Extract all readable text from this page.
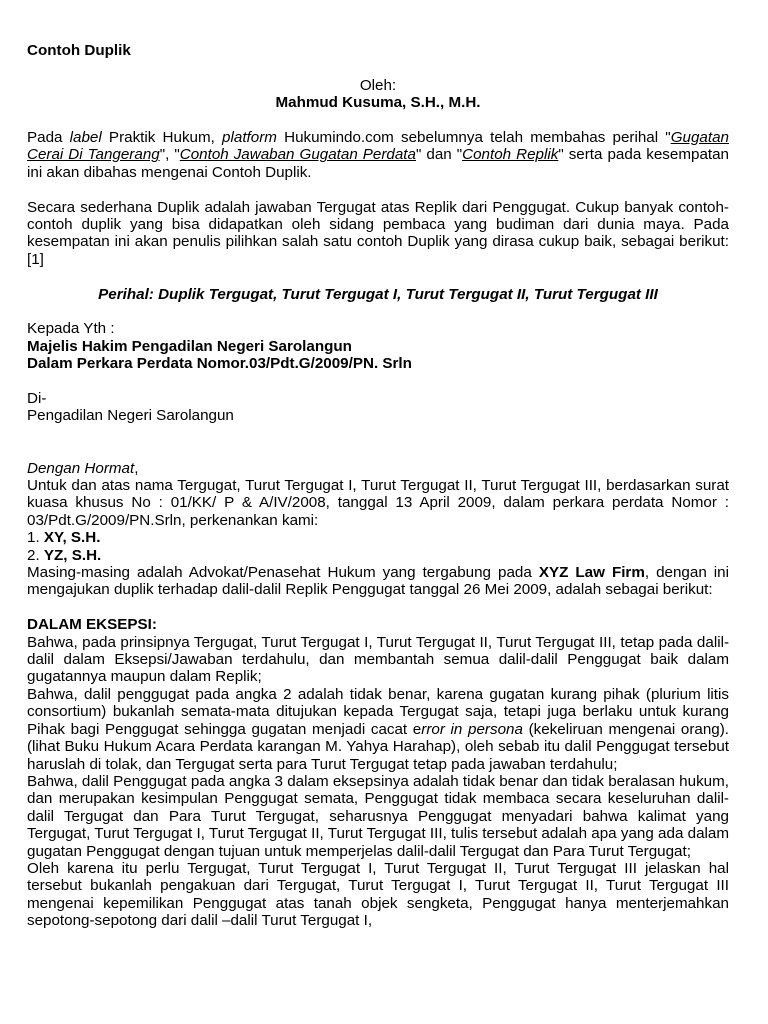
Contoh Duplik

Oleh:

Mahmud Kusuma, S.H., M.H.

Pada label Praktik Hukum, platform Hukumindo.com sebelumnya telah membahas perihal "Gugatan Cerai Di Tangerang", "Contoh Jawaban Gugatan Perdata" dan "Contoh Replik" serta pada kesempatan ini akan dibahas mengenai Contoh Duplik.

Secara sederhana Duplik adalah jawaban Tergugat atas Replik dari Penggugat. Cukup banyak contoh-contoh duplik yang bisa didapatkan oleh sidang pembaca yang budiman dari dunia maya. Pada kesempatan ini akan penulis pilihkan salah satu contoh Duplik yang dirasa cukup baik, sebagai berikut:[1]

Perihal: Duplik Tergugat, Turut Tergugat I, Turut Tergugat II, Turut Tergugat III

Kepada Yth :

Majelis Hakim Pengadilan Negeri Sarolangun

Dalam Perkara Perdata Nomor.03/Pdt.G/2009/PN. Srln

Di-

Pengadilan Negeri Sarolangun

Dengan Hormat,

Untuk dan atas nama Tergugat, Turut Tergugat I, Turut Tergugat II, Turut Tergugat III, berdasarkan surat kuasa khusus No : 01/KK/ P & A/IV/2008, tanggal 13 April 2009, dalam perkara perdata Nomor : 03/Pdt.G/2009/PN.Srln, perkenankan kami:

1. XY, S.H.

2. YZ, S.H.

Masing-masing adalah Advokat/Penasehat Hukum yang tergabung pada XYZ Law Firm, dengan ini mengajukan duplik terhadap dalil-dalil Replik Penggugat tanggal 26 Mei 2009, adalah sebagai berikut:

DALAM EKSEPSI:

Bahwa, pada prinsipnya Tergugat, Turut Tergugat I, Turut Tergugat II, Turut Tergugat III, tetap pada dalil-dalil dalam Eksepsi/Jawaban terdahulu, dan membantah semua dalil-dalil Penggugat baik dalam gugatannya maupun dalam Replik;

Bahwa, dalil penggugat pada angka 2 adalah tidak benar, karena gugatan kurang pihak (plurium litis consortium) bukanlah semata-mata ditujukan kepada Tergugat saja, tetapi juga berlaku untuk kurang Pihak bagi Penggugat sehingga gugatan menjadi cacat error in persona (kekeliruan mengenai orang). (lihat Buku Hukum Acara Perdata karangan M. Yahya Harahap), oleh sebab itu dalil Penggugat tersebut haruslah di tolak, dan Tergugat serta para Turut Tergugat tetap pada jawaban terdahulu;

Bahwa, dalil Penggugat pada angka 3 dalam eksepsinya adalah tidak benar dan tidak beralasan hukum, dan merupakan kesimpulan Penggugat semata, Penggugat tidak membaca secara keseluruhan dalil-dalil Tergugat dan Para Turut Tergugat, seharusnya Penggugat menyadari bahwa kalimat yang Tergugat, Turut Tergugat I, Turut Tergugat II, Turut Tergugat III, tulis tersebut adalah apa yang ada dalam gugatan Penggugat dengan tujuan untuk memperjelas dalil-dalil Tergugat dan Para Turut Tergugat;

Oleh karena itu perlu Tergugat, Turut Tergugat I, Turut Tergugat II, Turut Tergugat III jelaskan hal tersebut bukanlah pengakuan dari Tergugat, Turut Tergugat I, Turut Tergugat II, Turut Tergugat III mengenai kepemilikan Penggugat atas tanah objek sengketa, Penggugat hanya menterjemahkan sepotong-sepotong dari dalil –dalil Turut Tergugat I,
